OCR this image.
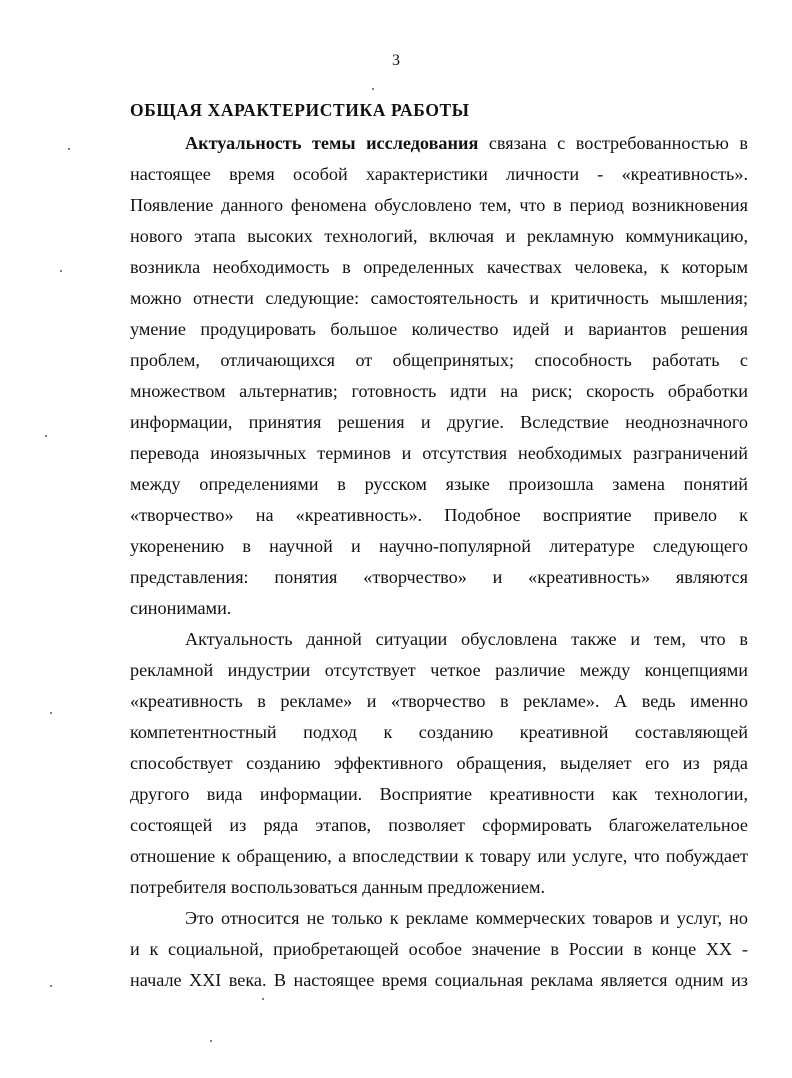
3
ОБЩАЯ ХАРАКТЕРИСТИКА РАБОТЫ
Актуальность темы исследования связана с востребованностью в
настоящее время особой характеристики личности - «креативность».
Появление данного феномена обусловлено тем, что в период возникновения
нового этапа высоких технологий, включая и рекламную коммуникацию,
возникла необходимость в определенных качествах человека, к которым
можно отнести следующие: самостоятельность и критичность мышления;
умение продуцировать большое количество идей и вариантов решения
проблем, отличающихся от общепринятых; способность работать с
множеством альтернатив; готовность идти на риск; скорость обработки
информации, принятия решения и другие. Вследствие неоднозначного
перевода иноязычных терминов и отсутствия необходимых разграничений
между определениями в русском языке произошла замена понятий
«творчество» на «креативность». Подобное восприятие привело к
укоренению в научной и научно-популярной литературе следующего
представления: понятия «творчество» и «креативность» являются
синонимами.
Актуальность данной ситуации обусловлена также и тем, что в
рекламной индустрии отсутствует четкое различие между концепциями
«креативность в рекламе» и «творчество в рекламе». А ведь именно
компетентностный подход к созданию креативной составляющей
способствует созданию эффективного обращения, выделяет его из ряда
другого вида информации. Восприятие креативности как технологии,
состоящей из ряда этапов, позволяет сформировать благожелательное
отношение к обращению, а впоследствии к товару или услуге, что побуждает
потребителя воспользоваться данным предложением.
Это относится не только к рекламе коммерческих товаров и услуг, но
и к социальной, приобретающей особое значение в России в конце XX -
начале XXI века. В настоящее время социальная реклама является одним из
